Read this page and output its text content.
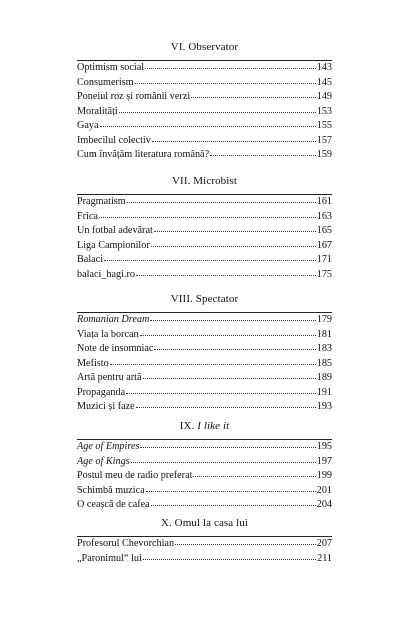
VI. Observator
Optimism social	143
Consumerism	145
Poneiul roz și românii verzi	149
Moralități	153
Gaya	155
Imbecilul colectiv	157
Cum învățăm literatura română?	159
VII. Microbist
Pragmatism	161
Frica	163
Un fotbal adevărat	165
Liga Campionilor	167
Balaci	171
balaci_hagi.ro	175
VIII. Spectator
Romanian Dream	179
Viața la borcan	181
Note de insomniac	183
Mefisto	185
Artă pentru artă	189
Propaganda	191
Muzici și faze	193
IX. I like it
Age of Empires	195
Age of Kings	197
Postul meu de radio preferat	199
Schimbă muzica	201
O ceașcă de cafea	204
X. Omul la casa lui
Profesorul Chevorchian	207
„Paronimul“ lui	211
